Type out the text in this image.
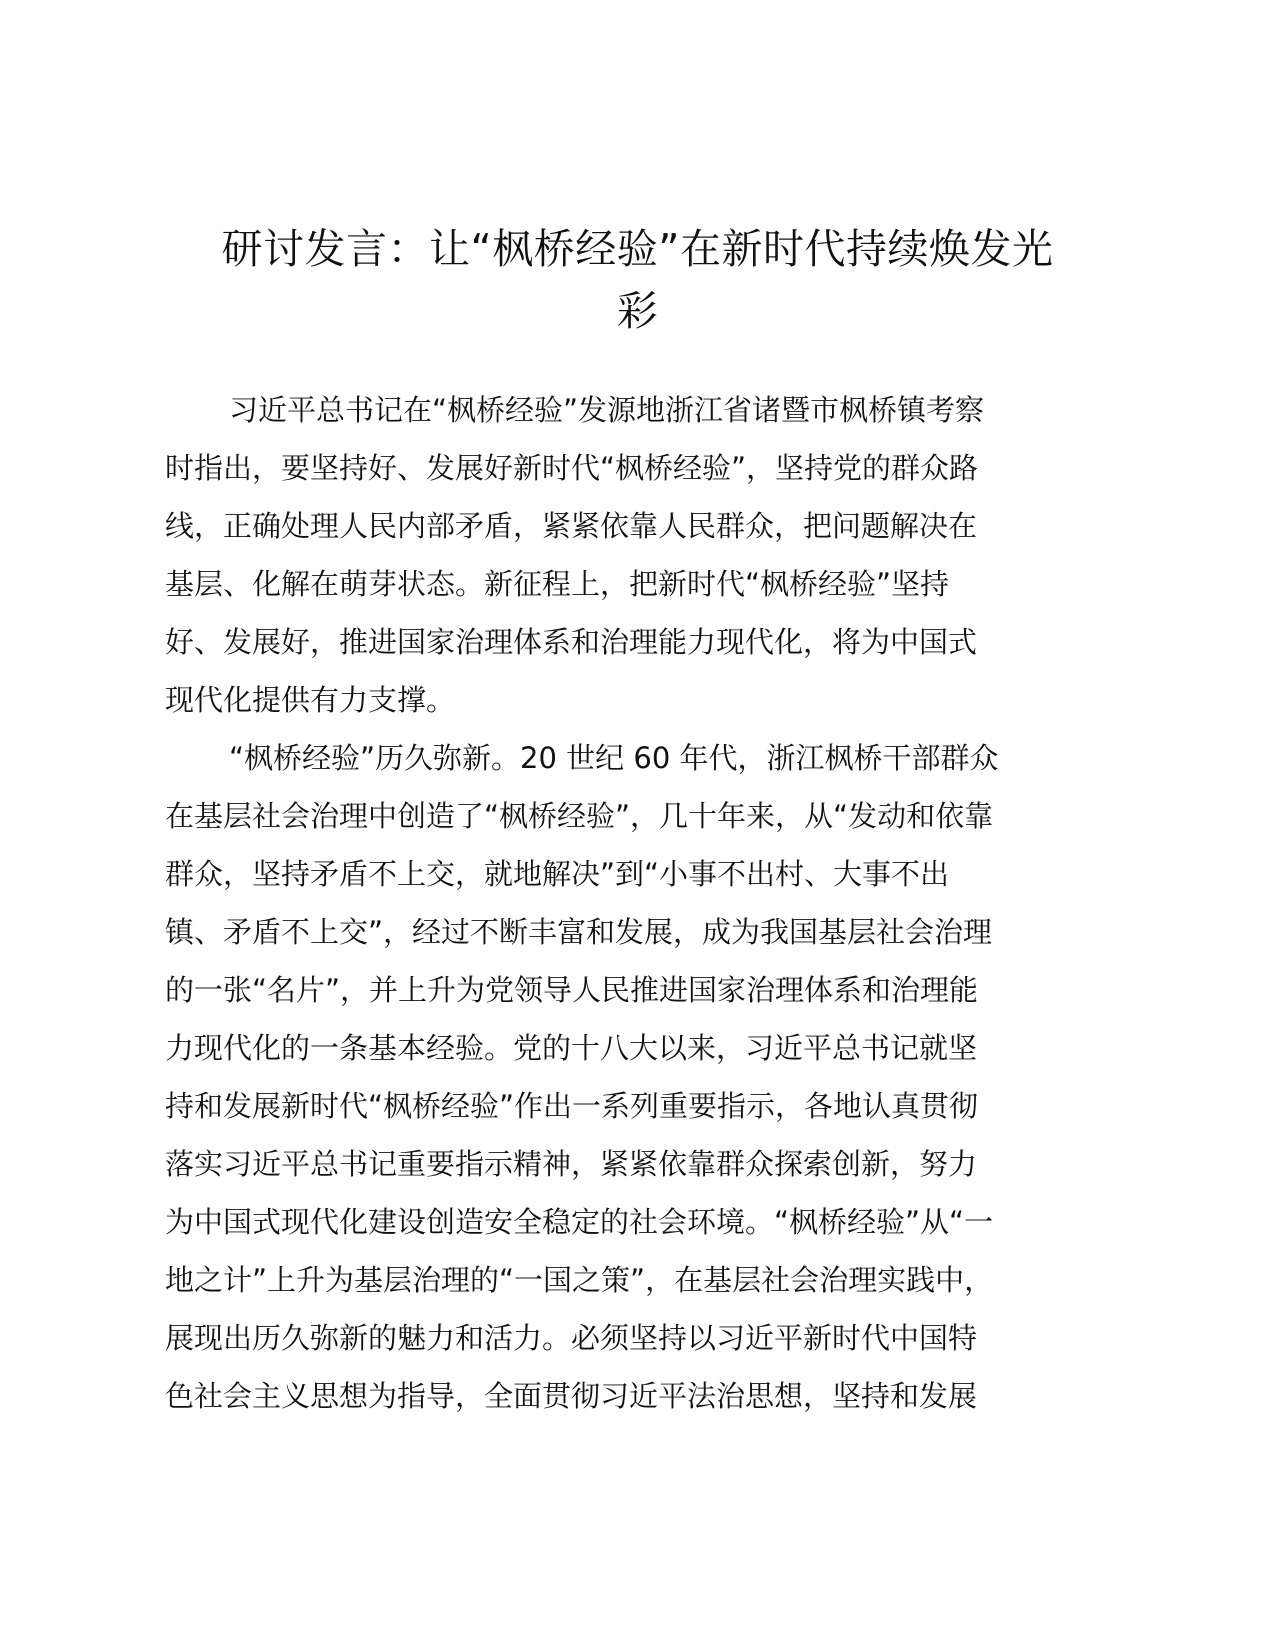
研讨发言：让“枫桥经验”在新时代持续焕发光
彩
习近平总书记在“枫桥经验”发源地浙江省诸暨市枫桥镇考察
时指出，要坚持好、发展好新时代“枫桥经验”，坚持党的群众路
线，正确处理人民内部矛盾，紧紧依靠人民群众，把问题解决在
基层、化解在萌芽状态。新征程上，把新时代“枫桥经验”坚持
好、发展好，推进国家治理体系和治理能力现代化，将为中国式
现代化提供有力支撑。
“枫桥经验”历久弥新。20 世纪 60 年代，浙江枫桥干部群众
在基层社会治理中创造了“枫桥经验”，几十年来，从“发动和依靠
群众，坚持矛盾不上交，就地解决”到“小事不出村、大事不出
镇、矛盾不上交”，经过不断丰富和发展，成为我国基层社会治理
的一张“名片”，并上升为党领导人民推进国家治理体系和治理能
力现代化的一条基本经验。党的十八大以来，习近平总书记就坚
持和发展新时代“枫桥经验”作出一系列重要指示，各地认真贯彻
落实习近平总书记重要指示精神，紧紧依靠群众探索创新，努力
为中国式现代化建设创造安全稳定的社会环境。“枫桥经验”从“一
地之计”上升为基层治理的“一国之策”，在基层社会治理实践中，
展现出历久弥新的魅力和活力。必须坚持以习近平新时代中国特
色社会主义思想为指导，全面贯彻习近平法治思想，坚持和发展
